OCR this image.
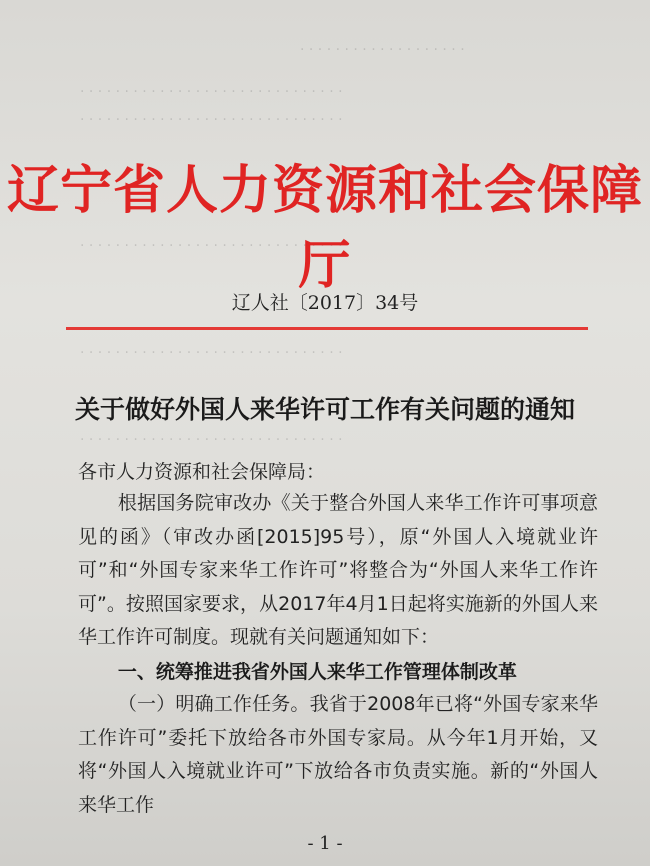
· · · · · · · · · · · · · · · · · · ·
· · · · · · · · · · · · · · · · · · · · · · · · · · · · · ·
· · · · · · · · · · · · · · · · · · · · · · · · · · · · · ·
· · · · · · · · · · · · · · · · · · · · · · · · · · · · · ·
· · · · · · · · · · · · · · · · · · · · · · · · · · · · · ·
· · · · · · · · · · · · · · · · · · · · · · · · · · · · · ·
辽宁省人力资源和社会保障厅
辽人社〔2017〕34号
关于做好外国人来华许可工作有关问题的通知
各市人力资源和社会保障局：
根据国务院审改办《关于整合外国人来华工作许可事项意见的函》（审改办函[2015]95号），原“外国人入境就业许可”和“外国专家来华工作许可”将整合为“外国人来华工作许可”。按照国家要求，从2017年4月1日起将实施新的外国人来华工作许可制度。现就有关问题通知如下：
一、统筹推进我省外国人来华工作管理体制改革
（一）明确工作任务。我省于2008年已将“外国专家来华工作许可”委托下放给各市外国专家局。从今年1月开始，又将“外国人入境就业许可”下放给各市负责实施。新的“外国人来华工作
- 1 -
